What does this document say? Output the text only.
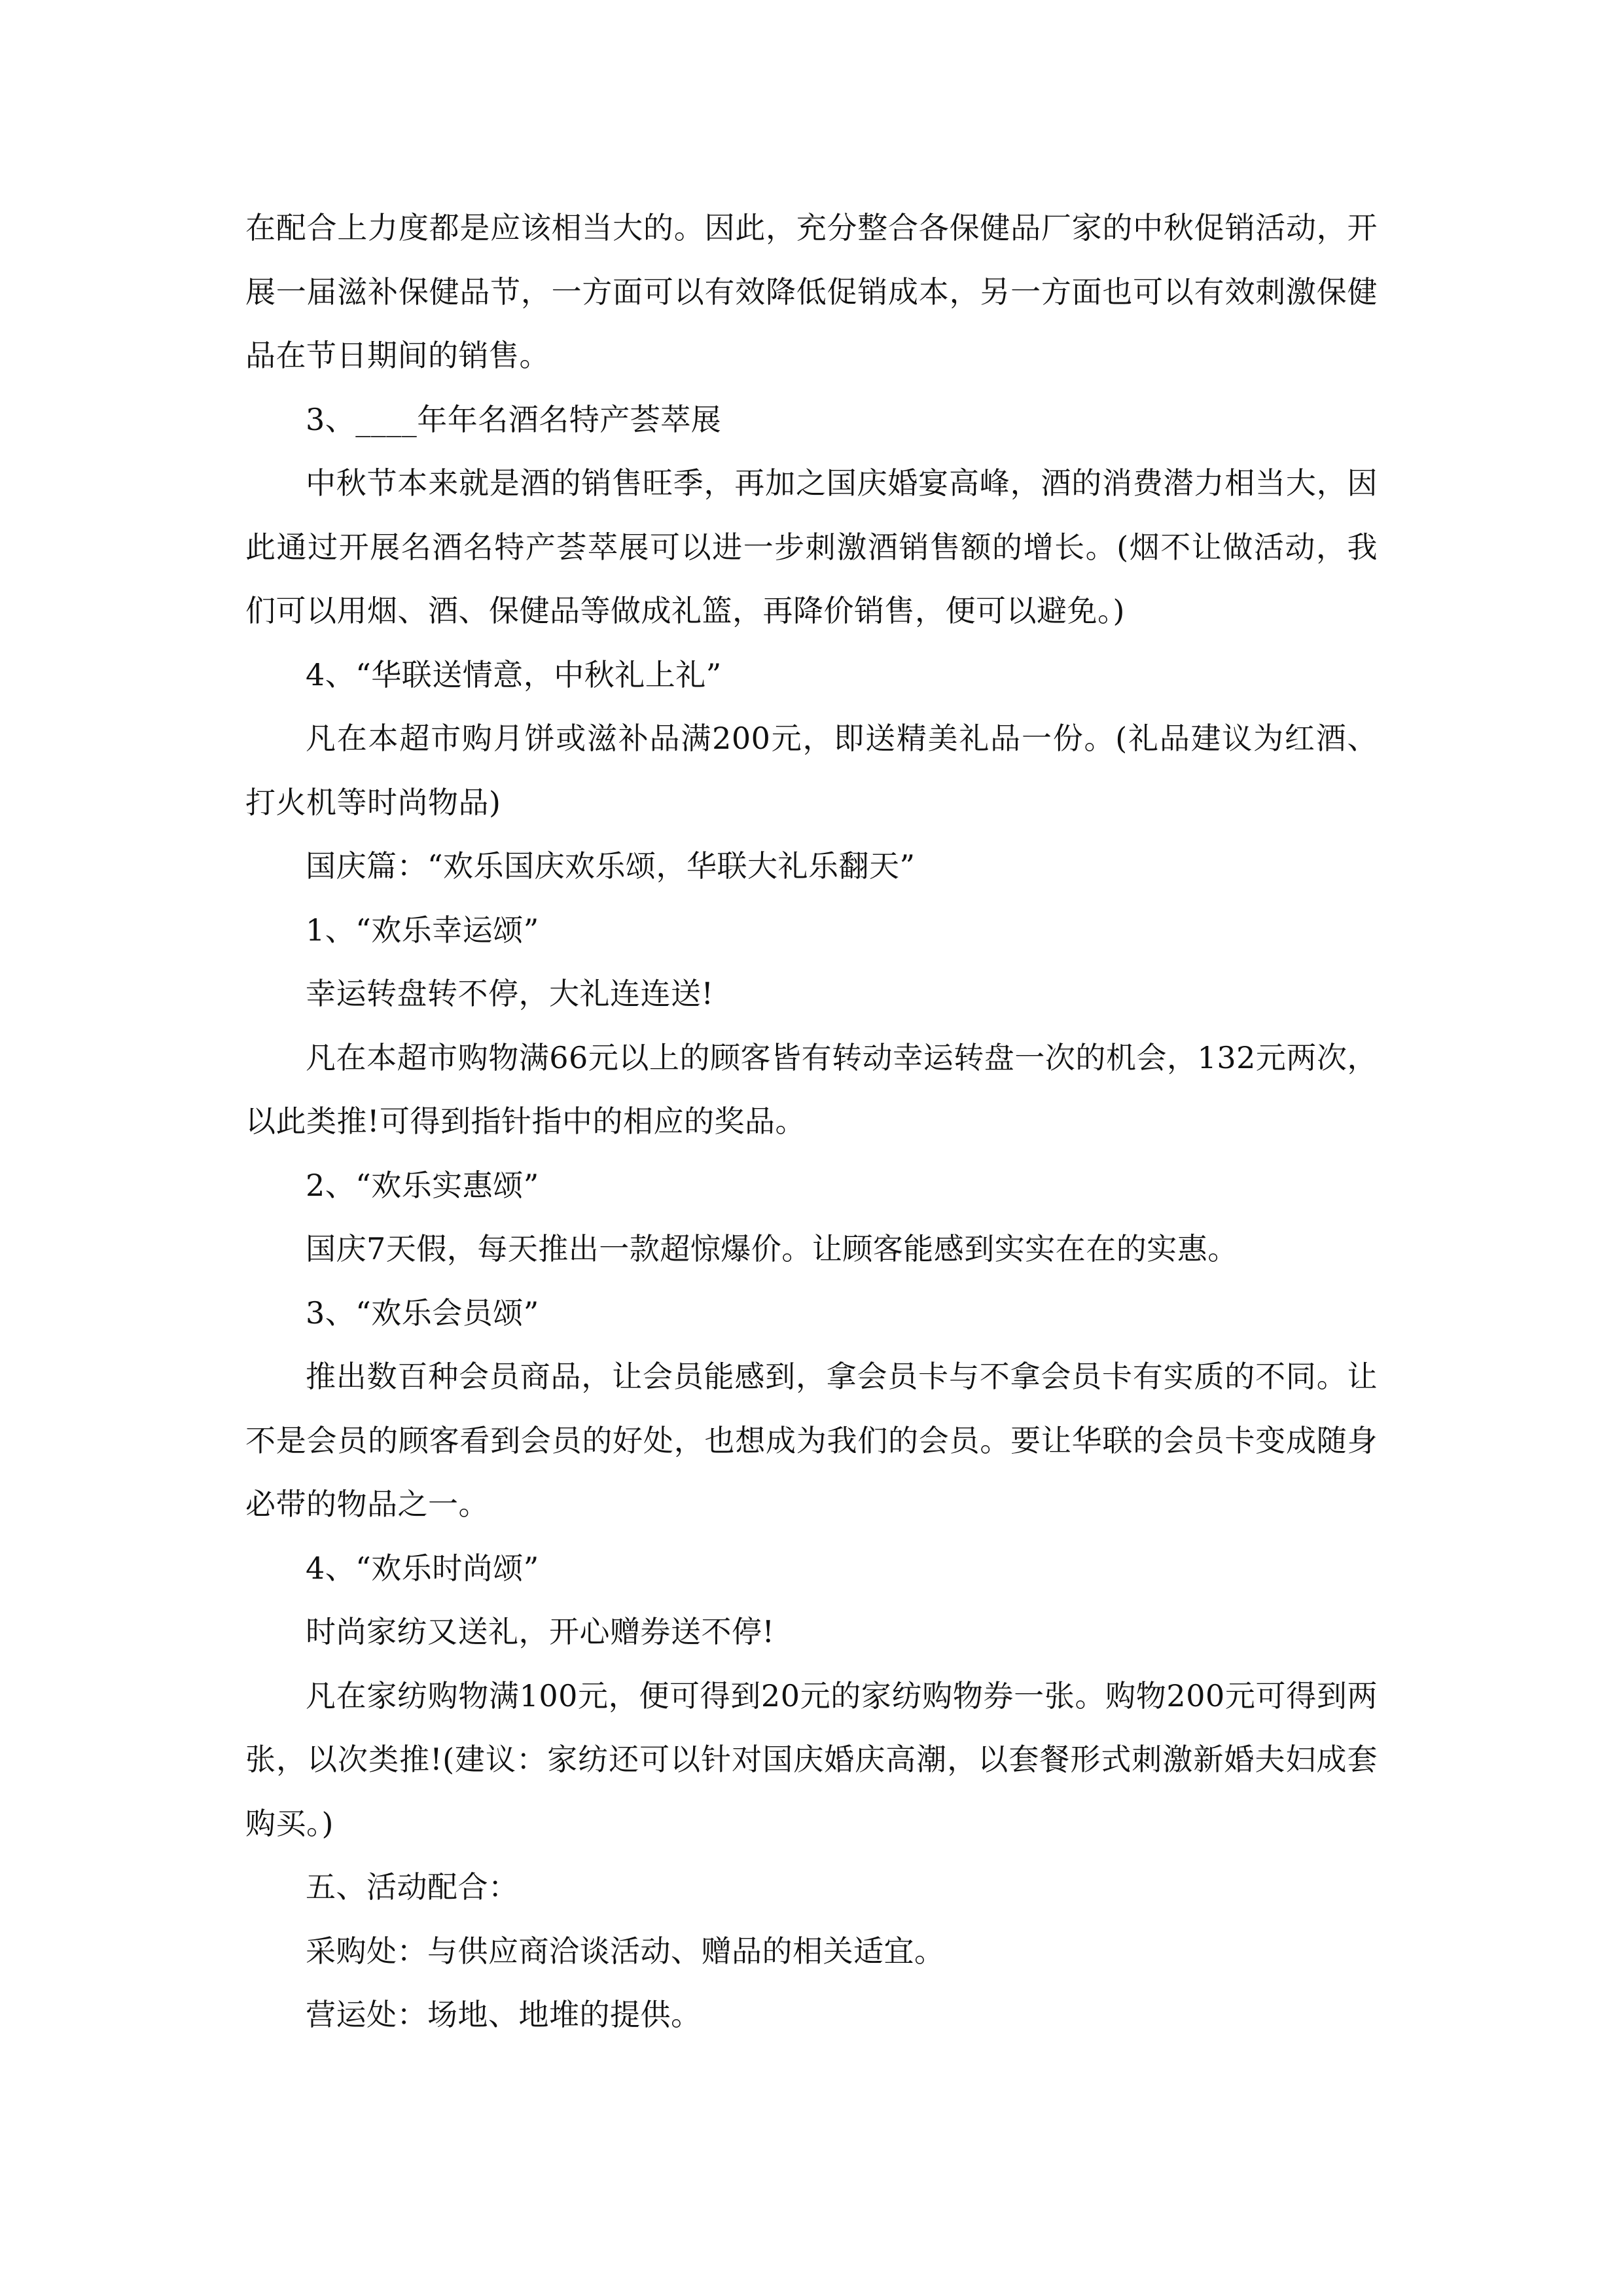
在配合上力度都是应该相当大的。因此，充分整合各保健品厂家的中秋促销活动，开展一届滋补保健品节，一方面可以有效降低促销成本，另一方面也可以有效刺激保健品在节日期间的销售。

3、____年年名酒名特产荟萃展

中秋节本来就是酒的销售旺季，再加之国庆婚宴高峰，酒的消费潜力相当大，因此通过开展名酒名特产荟萃展可以进一步刺激酒销售额的增长。(烟不让做活动，我们可以用烟、酒、保健品等做成礼篮，再降价销售，便可以避免。)

4、“华联送情意，中秋礼上礼”

凡在本超市购月饼或滋补品满200元，即送精美礼品一份。(礼品建议为红酒、打火机等时尚物品)

国庆篇：“欢乐国庆欢乐颂，华联大礼乐翻天”

1、“欢乐幸运颂”

幸运转盘转不停，大礼连连送!

凡在本超市购物满66元以上的顾客皆有转动幸运转盘一次的机会，132元两次，以此类推!可得到指针指中的相应的奖品。

2、“欢乐实惠颂”

国庆7天假，每天推出一款超惊爆价。让顾客能感到实实在在的实惠。

3、“欢乐会员颂”

推出数百种会员商品，让会员能感到，拿会员卡与不拿会员卡有实质的不同。让不是会员的顾客看到会员的好处，也想成为我们的会员。要让华联的会员卡变成随身必带的物品之一。

4、“欢乐时尚颂”

时尚家纺又送礼，开心赠券送不停!

凡在家纺购物满100元，便可得到20元的家纺购物券一张。购物200元可得到两张，以次类推!(建议：家纺还可以针对国庆婚庆高潮，以套餐形式刺激新婚夫妇成套购买。)

五、活动配合：

采购处：与供应商洽谈活动、赠品的相关适宜。

营运处：场地、地堆的提供。
